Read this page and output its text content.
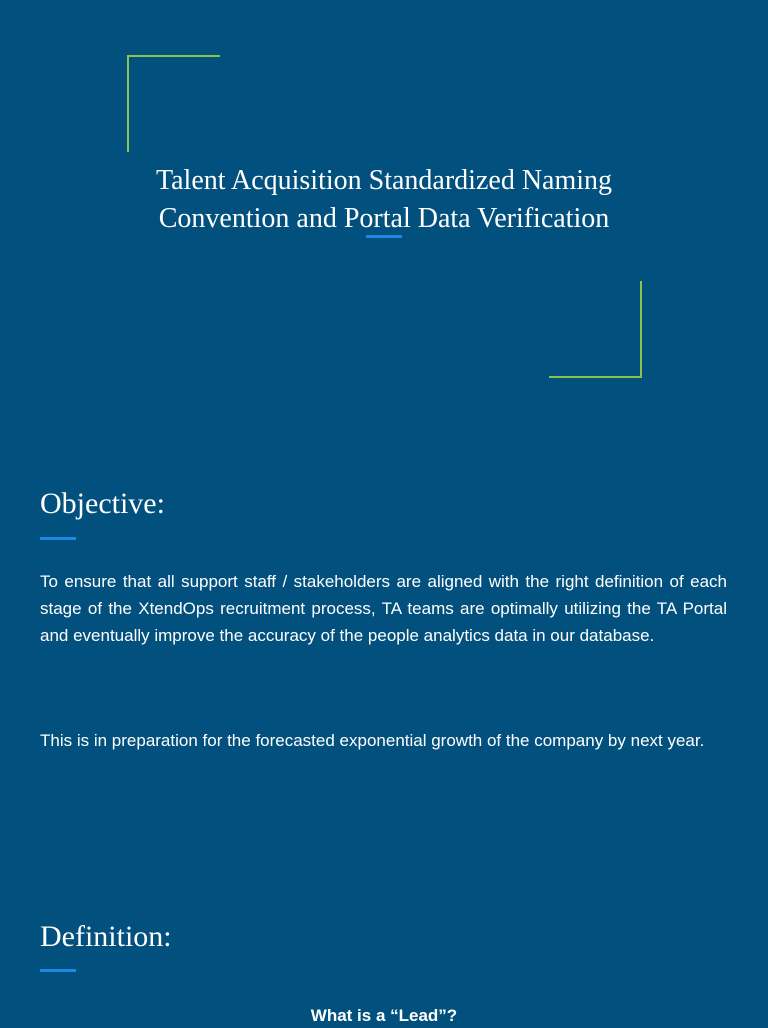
Talent Acquisition Standardized Naming Convention and Portal Data Verification
Objective:

To ensure that all support staff / stakeholders are aligned with the right definition of each stage of the XtendOps recruitment process, TA teams are optimally utilizing the TA Portal and eventually improve the accuracy of the people analytics data in our database.

This is in preparation for the forecasted exponential growth of the company by next year.

Definition:
What is a “Lead”?
